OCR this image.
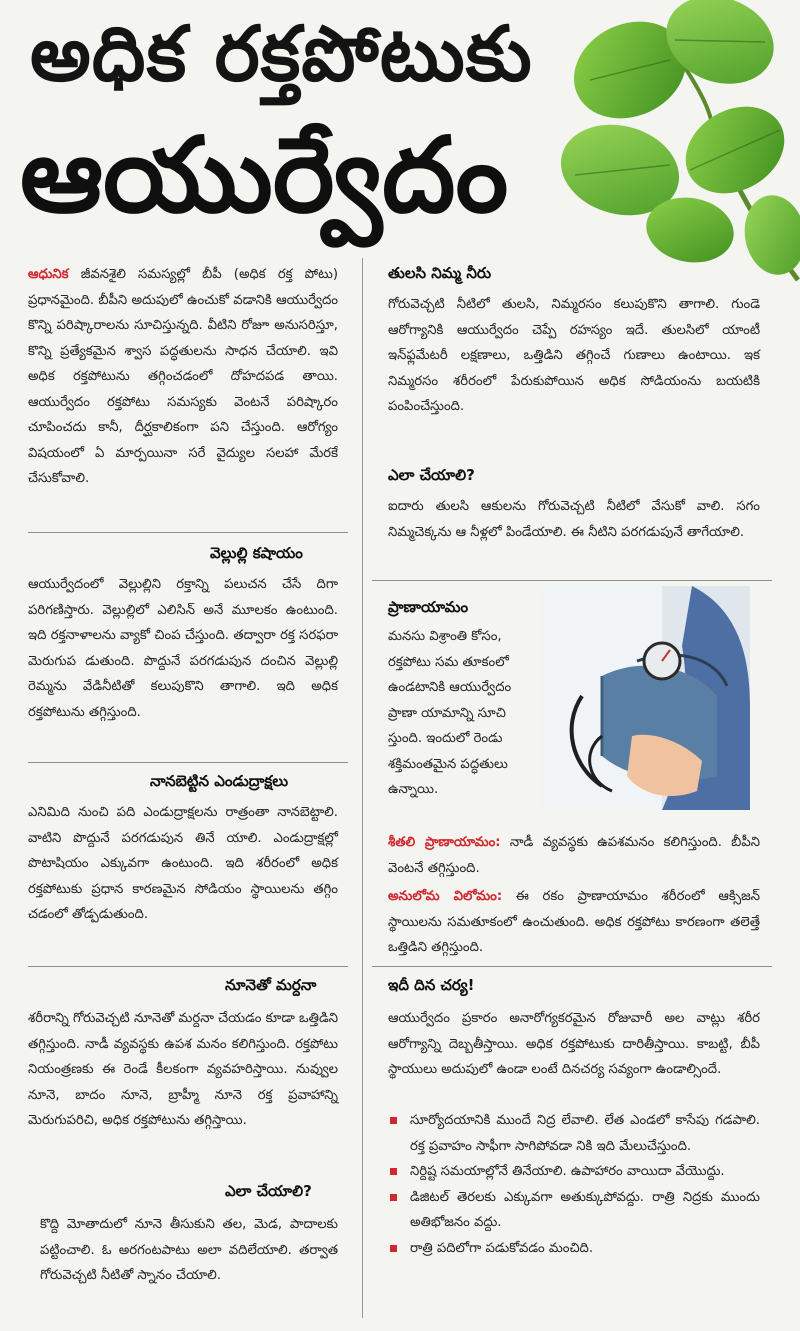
అధిక రక్తపోటుకు
ఆయుర్వేదం
ఆధునిక జీవనశైలి సమస్యల్లో బీపీ (అధిక రక్త పోటు) ప్రధానమైంది. బీపీని అదుపులో ఉంచుకో వడానికి ఆయుర్వేదం కొన్ని పరిష్కారాలను సూచిస్తున్నది. వీటిని రోజూ అనుసరిస్తూ, కొన్ని ప్రత్యేకమైన శ్వాస పద్ధతులను సాధన చేయాలి. ఇవి అధిక రక్తపోటును తగ్గించడంలో దోహదపడ తాయి. ఆయుర్వేదం రక్తపోటు సమస్యకు వెంటనే పరిష్కారం చూపించదు కానీ, దీర్ఘకాలికంగా పని చేస్తుంది. ఆరోగ్యం విషయంలో ఏ మార్పయినా సరే వైద్యుల సలహా మేరకే చేసుకోవాలి.
వెల్లుల్లి కషాయం
ఆయుర్వేదంలో వెల్లుల్లిని రక్తాన్ని పలుచన చేసే దిగా పరిగణిస్తారు. వెల్లుల్లిలో ఎలిసిన్ అనే మూలకం ఉంటుంది. ఇది రక్తనాళాలను వ్యాకో చింప చేస్తుంది. తద్వారా రక్త సరఫరా మెరుగుప డుతుంది. పొద్దునే పరగడుపున దంచిన వెల్లుల్లి రెమ్మను వేడినీటితో కలుపుకొని తాగాలి. ఇది అధిక రక్తపోటును తగ్గిస్తుంది.
నానబెట్టిన ఎండుద్రాక్షలు
ఎనిమిది నుంచి పది ఎండుద్రాక్షలను రాత్రంతా నానబెట్టాలి. వాటిని పొద్దునే పరగడుపున తినే యాలి. ఎండుద్రాక్షల్లో పొటాషియం ఎక్కువగా ఉంటుంది. ఇది శరీరంలో అధిక రక్తపోటుకు ప్రధాన కారణమైన సోడియం స్థాయిలను తగ్గిం చడంలో తోడ్పడుతుంది.
నూనెతో మర్దనా
శరీరాన్ని గోరువెచ్చటి నూనెతో మర్దనా చేయడం కూడా ఒత్తిడిని తగ్గిస్తుంది. నాడీ వ్యవస్థకు ఉపశ మనం కలిగిస్తుంది. రక్తపోటు నియంత్రణకు ఈ రెండే కీలకంగా వ్యవహరిస్తాయి. నువ్వుల నూనె, బాదం నూనె, బ్రాహ్మీ నూనె రక్త ప్రవాహాన్ని మెరుగుపరిచి, అధిక రక్తపోటును తగ్గిస్తాయి.
ఎలా చేయాలి?
కొద్ది మోతాదులో నూనె తీసుకుని తల, మెడ, పాదాలకు పట్టించాలి. ఓ అరగంటపాటు అలా వదిలేయాలి. తర్వాత గోరువెచ్చటి నీటితో స్నానం చేయాలి.
తులసి నిమ్మ నీరు
గోరువెచ్చటి నీటిలో తులసి, నిమ్మరసం కలుపుకొని తాగాలి. గుండె ఆరోగ్యానికి ఆయుర్వేదం చెప్పే రహస్యం ఇదే. తులసిలో యాంటీ ఇన్‌ఫ్లమేటరీ లక్షణాలు, ఒత్తిడిని తగ్గించే గుణాలు ఉంటాయి. ఇక నిమ్మరసం శరీరంలో పేరుకుపోయిన అధిక సోడియంను బయటికి పంపించేస్తుంది.
ఎలా చేయాలి?
ఐదారు తులసి ఆకులను గోరువెచ్చటి నీటిలో వేసుకో వాలి. సగం నిమ్మచెక్కను ఆ నీళ్లలో పిండేయాలి. ఈ నీటిని పరగడుపునే తాగేయాలి.
ప్రాణాయామం
మనసు విశ్రాంతి కోసం, రక్తపోటు సమ తూకంలో ఉండటానికి ఆయుర్వేదం ప్రాణా యామాన్ని సూచి స్తుంది. ఇందులో రెండు శక్తిమంతమైన పద్ధతులు ఉన్నాయి.
శీతలి ప్రాణాయామం: నాడీ వ్యవస్థకు ఉపశమనం కలిగిస్తుంది. బీపీని వెంటనే తగ్గిస్తుంది.
అనులోమ విలోమం: ఈ రకం ప్రాణాయామం శరీరంలో ఆక్సిజన్ స్థాయిలను సమతూకంలో ఉంచుతుంది. అధిక రక్తపోటు కారణంగా తలెత్తే ఒత్తిడిని తగ్గిస్తుంది.
ఇదీ దిన చర్య!
ఆయుర్వేదం ప్రకారం అనారోగ్యకరమైన రోజువారీ అల వాట్లు శరీర ఆరోగ్యాన్ని దెబ్బతీస్తాయి. అధిక రక్తపోటుకు దారితీస్తాయి. కాబట్టి, బీపీ స్థాయులు అదుపులో ఉండా లంటే దినచర్య సవ్యంగా ఉండాల్సిందే.
సూర్యోదయానికి ముందే నిద్ర లేవాలి. లేత ఎండలో కాసేపు గడపాలి. రక్త ప్రవాహం సాఫీగా సాగిపోవడా నికి ఇది మేలుచేస్తుంది.
నిర్దిష్ట సమయాల్లోనే తినేయాలి. ఉపాహారం వాయిదా వేయొద్దు.
డిజిటల్ తెరలకు ఎక్కువగా అతుక్కుపోవద్దు. రాత్రి నిద్రకు ముందు అతిభోజనం వద్దు.
రాత్రి పదిలోగా పడుకోవడం మంచిది.
